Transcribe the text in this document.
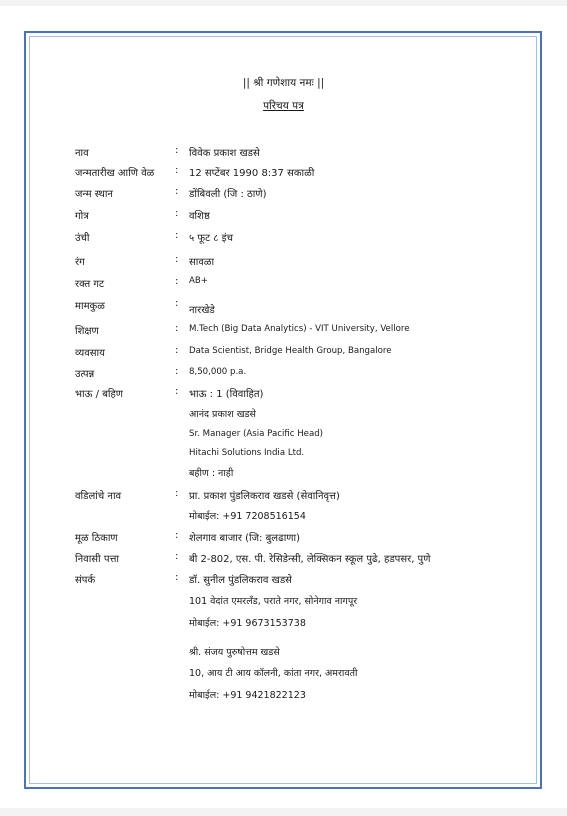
|| श्री गणेशाय नमः ||
परिचय पत्र
नाव	: विवेक प्रकाश खडसे
जन्मतारीख आणि वेळ : 12 सप्टेंबर 1990 8:37 सकाळी
जन्म स्थान	: डोंबिवली (जि : ठाणे)
गोत्र	: वशिष्ठ
उंची	: ५ फूट ८ इंच
रंग	: सावळा
रक्त गट	: AB+
मामकुळ	:
नारखेडे
शिक्षण	: M.Tech (Big Data Analytics) - VIT University, Vellore
व्यवसाय	: Data Scientist, Bridge Health Group, Bangalore
उत्पन्न	: 8,50,000 p.a.
भाऊ / बहिण	: भाऊ : 1 (विवाहित)
आनंद प्रकाश खडसे
Sr. Manager (Asia Pacific Head)
Hitachi Solutions India Ltd.
बहीण : नाही
वडिलांचे नाव	: प्रा. प्रकाश पुंडलिकराव खडसे (सेवानिवृत्त)
मोबाईल: +91 7208516154
मूळ ठिकाण	: शेलगाव बाजार (जि: बुलढाणा)
निवासी पत्ता	: बी 2-802, एस. पी. रेसिडेन्सी, लेक्सिकन स्कूल पुढे, हडपसर, पुणे
संपर्क	: डॉ. सुनील पुंडलिकराव खडसे
101 वेदांत एमरलँड, पराते नगर, सोनेगाव नागपूर
मोबाईल: +91 9673153738
श्री. संजय पुरुषोत्तम खडसे
10, आय टी आय कॉलनी, कांता नगर, अमरावती
मोबाईल: +91 9421822123
